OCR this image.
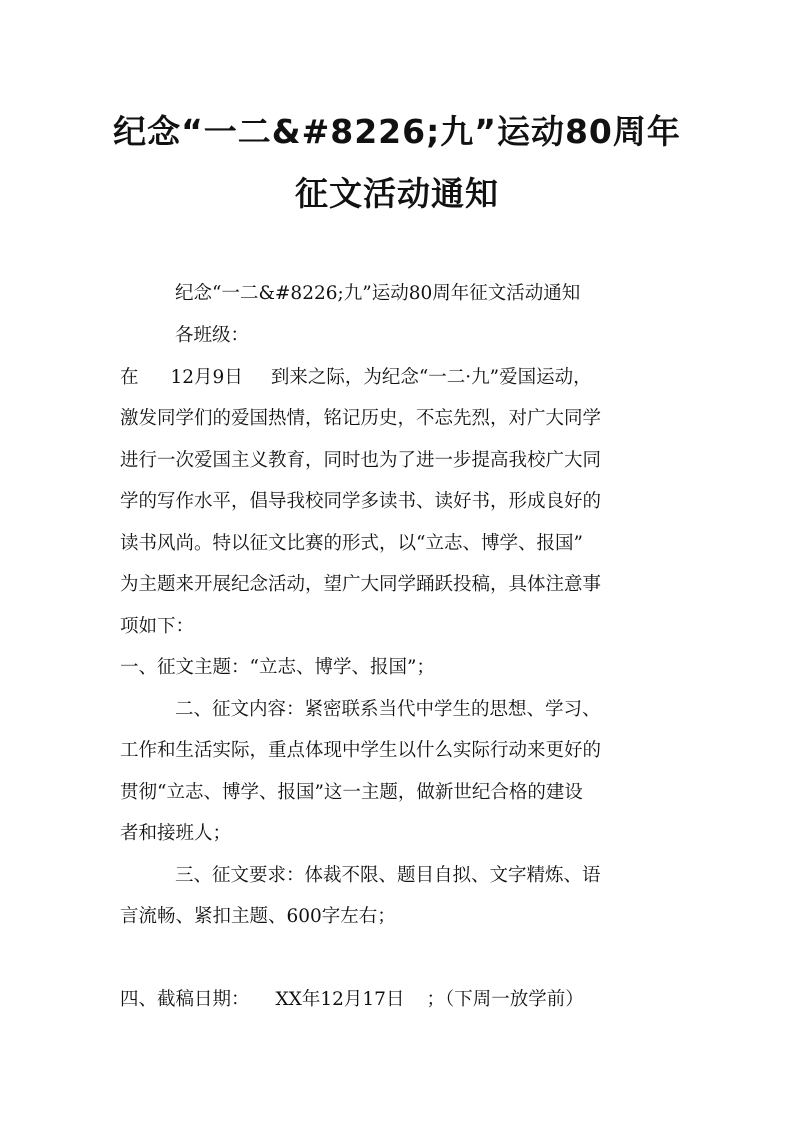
纪念“一二&#8226;九”运动80周年
征文活动通知

纪念“一二&#8226;九”运动80周年征文活动通知

各班级：

在 12月9日 到来之际，为纪念“一二·九”爱国运动，

激发同学们的爱国热情，铭记历史，不忘先烈，对广大同学

进行一次爱国主义教育，同时也为了进一步提高我校广大同

学的写作水平，倡导我校同学多读书、读好书，形成良好的

读书风尚。特以征文比赛的形式，以“立志、博学、报国”

为主题来开展纪念活动，望广大同学踊跃投稿，具体注意事

项如下：

一、征文主题：“立志、博学、报国”；

二、征文内容：紧密联系当代中学生的思想、学习、

工作和生活实际，重点体现中学生以什么实际行动来更好的

贯彻“立志、博学、报国”这一主题，做新世纪合格的建设

者和接班人；

三、征文要求：体裁不限、题目自拟、文字精炼、语

言流畅、紧扣主题、600字左右；

四、截稿日期： XX年12月17日 ；（下周一放学前）
